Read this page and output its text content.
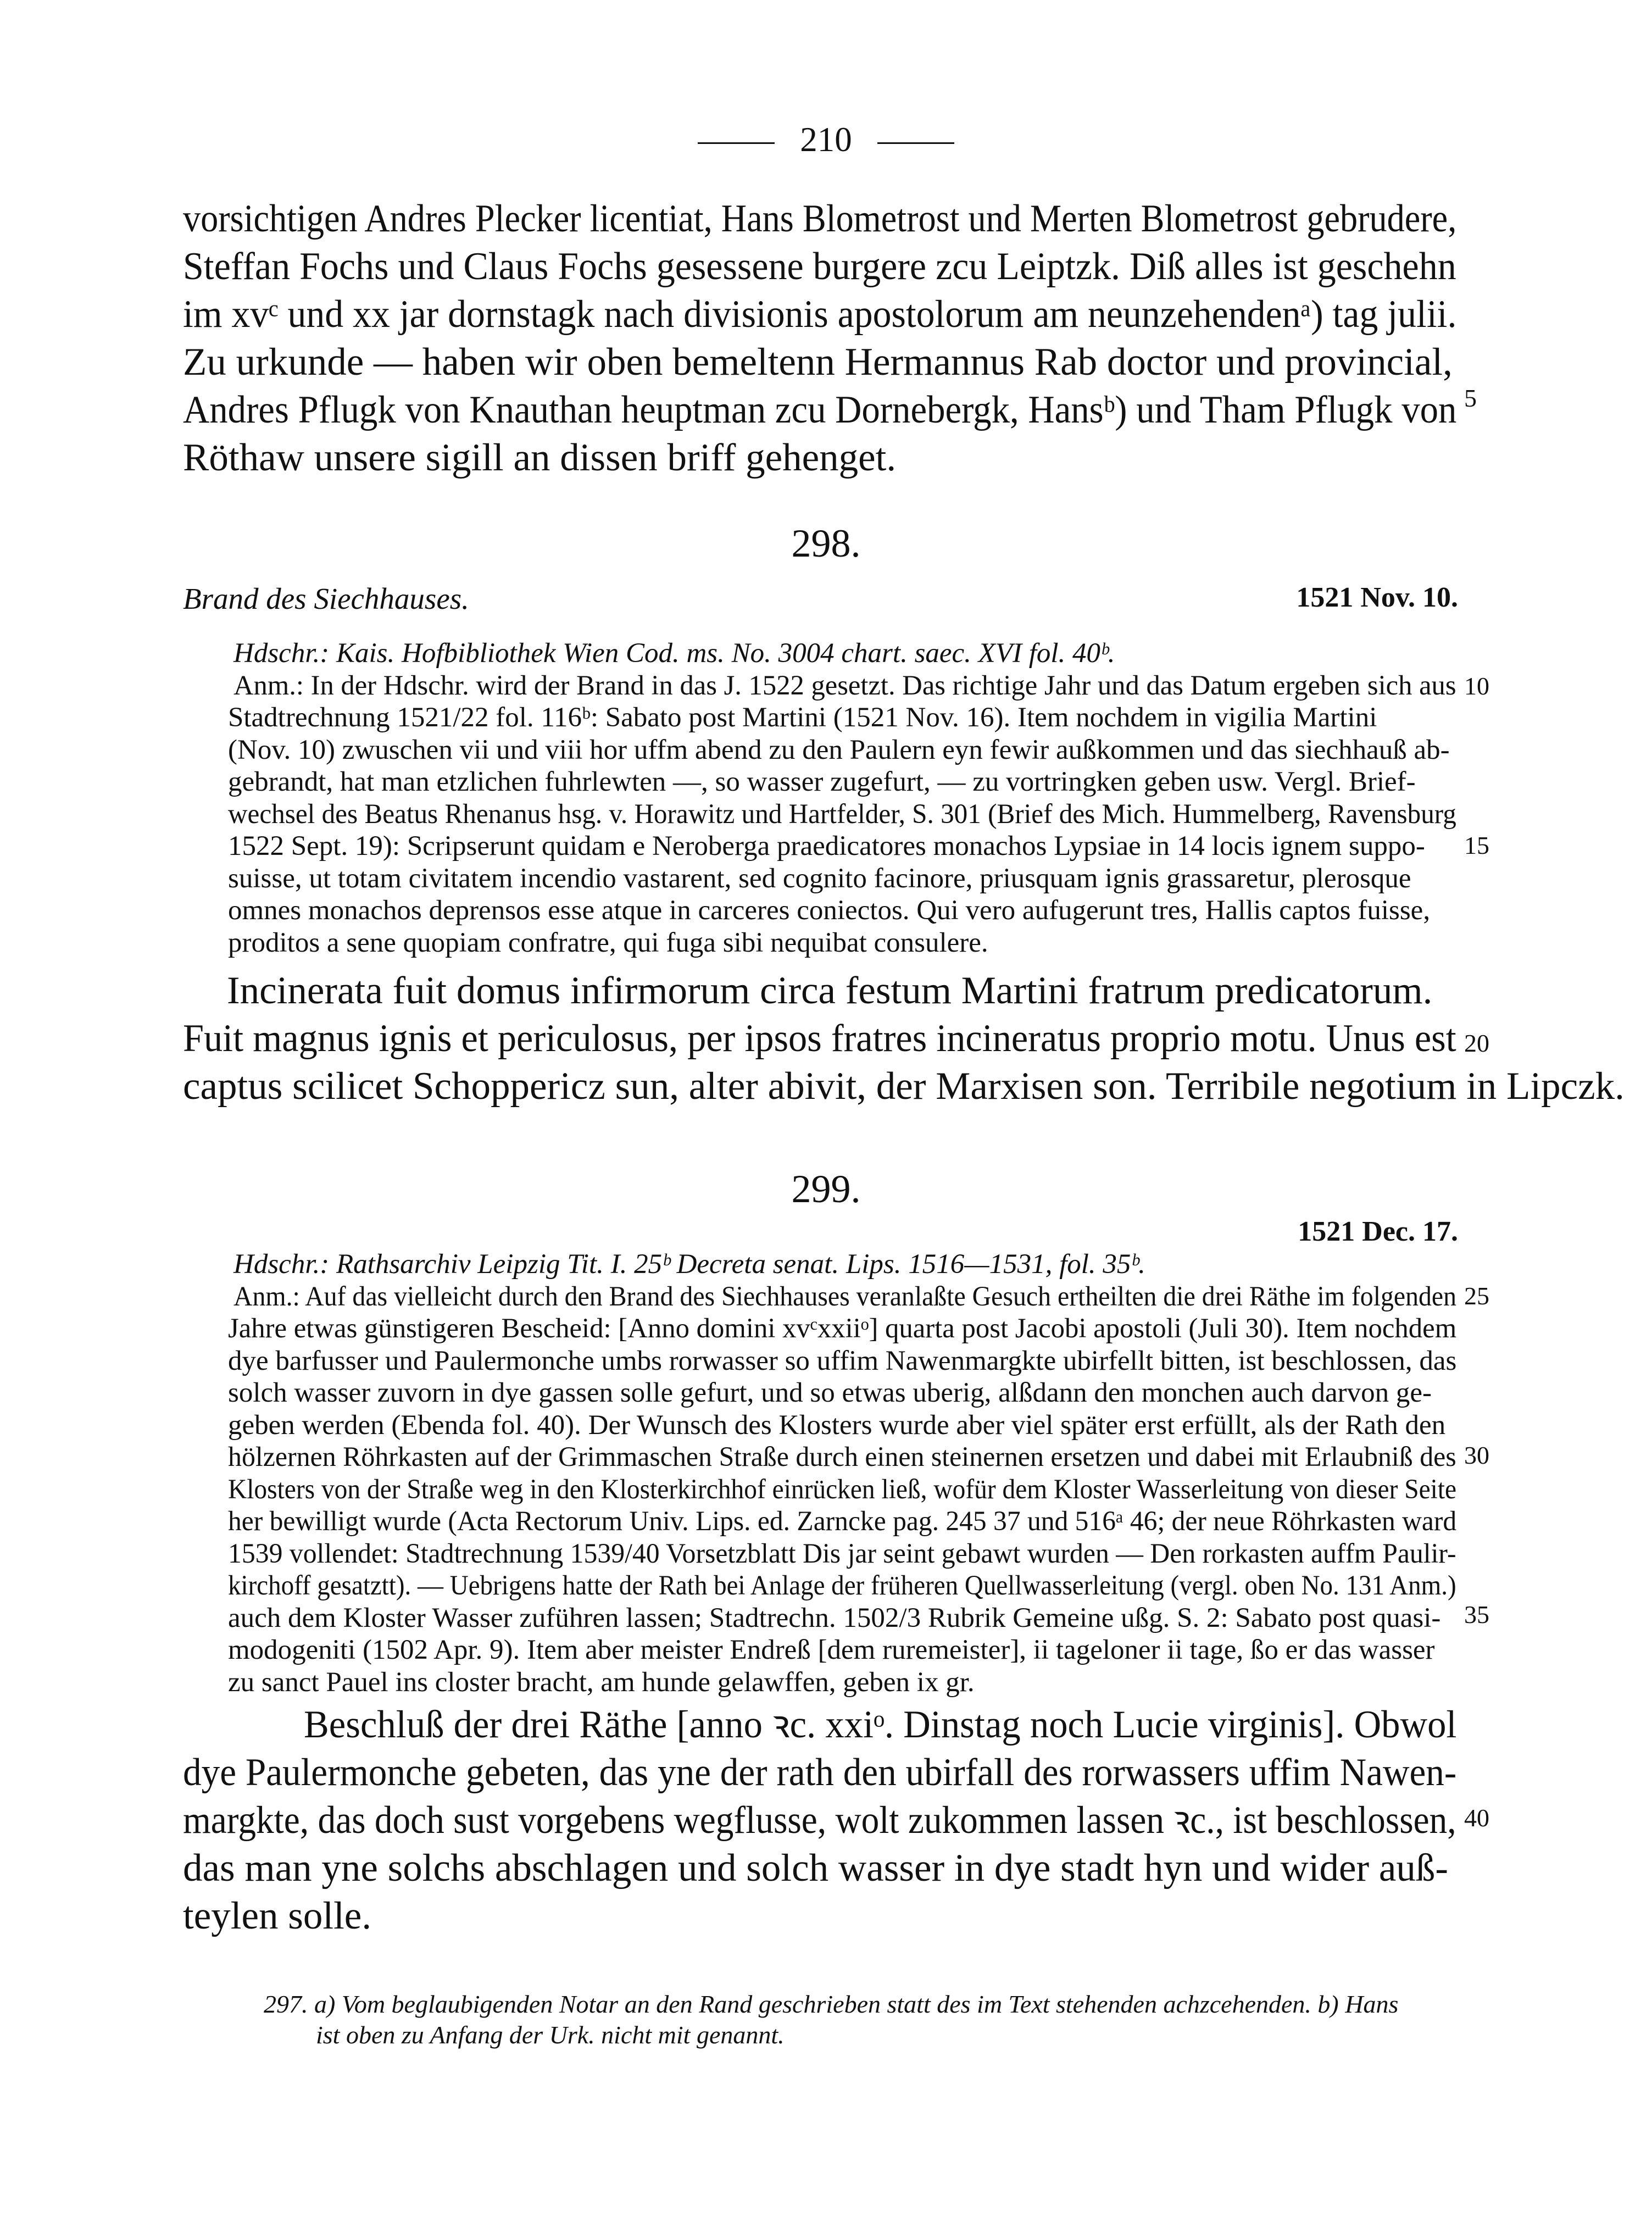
210
vorsichtigen Andres Plecker licentiat, Hans Blometrost und Merten Blometrost gebrudere,
Steffan Fochs und Claus Fochs gesessene burgere zcu Leiptzk. Diß alles ist geschehn
im xvᶜ und xx jar dornstagk nach divisionis apostolorum am neunzehendenᵃ) tag julii.
Zu urkunde — haben wir oben bemeltenn Hermannus Rab doctor und provincial,
Andres Pflugk von Knauthan heuptman zcu Dornebergk, Hansᵇ) und Tham Pflugk von
Röthaw unsere sigill an dissen briff gehenget.
298.
Brand des Siechhauses.	1521 Nov. 10.
Hdschr.: Kais. Hofbibliothek Wien Cod. ms. No. 3004 chart. saec. XVI fol. 40ᵇ.
Anm.: In der Hdschr. wird der Brand in das J. 1522 gesetzt. Das richtige Jahr und das Datum ergeben sich aus
Stadtrechnung 1521/22 fol. 116ᵇ: Sabato post Martini (1521 Nov. 16). Item nochdem in vigilia Martini
(Nov. 10) zwuschen vii und viii hor uffm abend zu den Paulern eyn fewir außkommen und das siechhauß ab-
gebrandt, hat man etzlichen fuhrlewten —, so wasser zugefurt, — zu vortringken geben usw. Vergl. Brief-
wechsel des Beatus Rhenanus hsg. v. Horawitz und Hartfelder, S. 301 (Brief des Mich. Hummelberg, Ravensburg
1522 Sept. 19): Scripserunt quidam e Neroberga praedicatores monachos Lypsiae in 14 locis ignem suppo-
suisse, ut totam civitatem incendio vastarent, sed cognito facinore, priusquam ignis grassaretur, plerosque
omnes monachos deprensos esse atque in carceres coniectos. Qui vero aufugerunt tres, Hallis captos fuisse,
proditos a sene quopiam confratre, qui fuga sibi nequibat consulere.
Incinerata fuit domus infirmorum circa festum Martini fratrum predicatorum.
Fuit magnus ignis et periculosus, per ipsos fratres incineratus proprio motu. Unus est
captus scilicet Schoppericz sun, alter abivit, der Marxisen son. Terribile negotium in Lipczk.
299.
1521 Dec. 17.
Hdschr.: Rathsarchiv Leipzig Tit. I. 25ᵇ Decreta senat. Lips. 1516—1531, fol. 35ᵇ.
Anm.: Auf das vielleicht durch den Brand des Siechhauses veranlaßte Gesuch ertheilten die drei Räthe im folgenden
Jahre etwas günstigeren Bescheid: [Anno domini xvᶜxxiiᵒ] quarta post Jacobi apostoli (Juli 30). Item nochdem
dye barfusser und Paulermonche umbs rorwasser so uffim Nawenmargkte ubirfellt bitten, ist beschlossen, das
solch wasser zuvorn in dye gassen solle gefurt, und so etwas uberig, alßdann den monchen auch darvon ge-
geben werden (Ebenda fol. 40). Der Wunsch des Klosters wurde aber viel später erst erfüllt, als der Rath den
hölzernen Röhrkasten auf der Grimmaschen Straße durch einen steinernen ersetzen und dabei mit Erlaubniß des
Klosters von der Straße weg in den Klosterkirchhof einrücken ließ, wofür dem Kloster Wasserleitung von dieser Seite
her bewilligt wurde (Acta Rectorum Univ. Lips. ed. Zarncke pag. 245 37 und 516ᵃ 46; der neue Röhrkasten ward
1539 vollendet: Stadtrechnung 1539/40 Vorsetzblatt Dis jar seint gebawt wurden — Den rorkasten auffm Paulir-
kirchoff gesatztt). — Uebrigens hatte der Rath bei Anlage der früheren Quellwasserleitung (vergl. oben No. 131 Anm.)
auch dem Kloster Wasser zuführen lassen; Stadtrechn. 1502/3 Rubrik Gemeine ußg. S. 2: Sabato post quasi-
modogeniti (1502 Apr. 9). Item aber meister Endreß [dem ruremeister], ii tageloner ii tage, ßo er das wasser
zu sanct Pauel ins closter bracht, am hunde gelawffen, geben ix gr.
Beschluß der drei Räthe [anno ꝛc. xxiᵒ. Dinstag noch Lucie virginis]. Obwol
dye Paulermonche gebeten, das yne der rath den ubirfall des rorwassers uffim Nawen-
margkte, das doch sust vorgebens wegflusse, wolt zukommen lassen ꝛc., ist beschlossen,
das man yne solchs abschlagen und solch wasser in dye stadt hyn und wider auß-
teylen solle.
297. a) Vom beglaubigenden Notar an den Rand geschrieben statt des im Text stehenden achzcehenden. b) Hans
ist oben zu Anfang der Urk. nicht mit genannt.
5
10
15
20
25
30
35
40
